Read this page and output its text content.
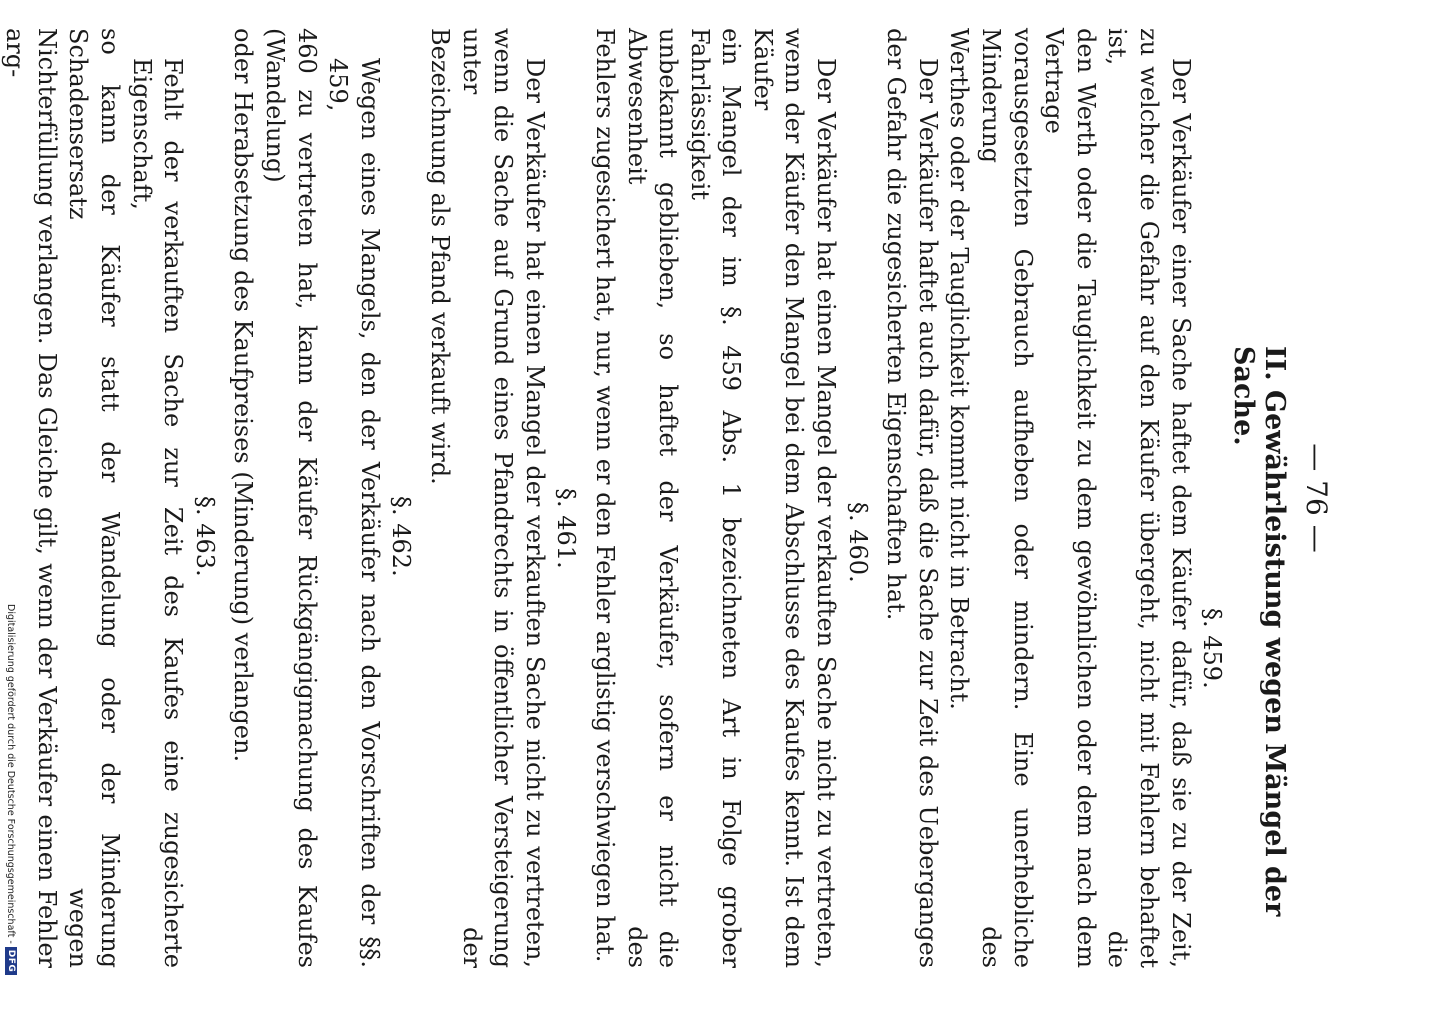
— 76 —
II. Gewährleistung wegen Mängel der Sache.
§. 459.
Der Verkäufer einer Sache haftet dem Käufer dafür, daß sie zu der Zeit,
zu welcher die Gefahr auf den Käufer übergeht, nicht mit Fehlern behaftet ist, die
den Werth oder die Tauglichkeit zu dem gewöhnlichen oder dem nach dem Vertrage
vorausgesetzten Gebrauch aufheben oder mindern. Eine unerhebliche Minderung des
Werthes oder der Tauglichkeit kommt nicht in Betracht.
Der Verkäufer haftet auch dafür, daß die Sache zur Zeit des Ueberganges
der Gefahr die zugesicherten Eigenschaften hat.
§. 460.
Der Verkäufer hat einen Mangel der verkauften Sache nicht zu vertreten,
wenn der Käufer den Mangel bei dem Abschlusse des Kaufes kennt. Ist dem Käufer
ein Mangel der im §. 459 Abs. 1 bezeichneten Art in Folge grober Fahrlässigkeit
unbekannt geblieben, so haftet der Verkäufer, sofern er nicht die Abwesenheit des
Fehlers zugesichert hat, nur, wenn er den Fehler arglistig verschwiegen hat.
§. 461.
Der Verkäufer hat einen Mangel der verkauften Sache nicht zu vertreten,
wenn die Sache auf Grund eines Pfandrechts in öffentlicher Versteigerung unter der
Bezeichnung als Pfand verkauft wird.
§. 462.
Wegen eines Mangels, den der Verkäufer nach den Vorschriften der §§. 459,
460 zu vertreten hat, kann der Käufer Rückgängigmachung des Kaufes (Wandelung)
oder Herabsetzung des Kaufpreises (Minderung) verlangen.
§. 463.
Fehlt der verkauften Sache zur Zeit des Kaufes eine zugesicherte Eigenschaft,
so kann der Käufer statt der Wandelung oder der Minderung Schadensersatz wegen
Nichterfüllung verlangen. Das Gleiche gilt, wenn der Verkäufer einen Fehler arg-
Digitalisierung gefördert durch die Deutsche Forschungsgemeinschaft -
DFG
